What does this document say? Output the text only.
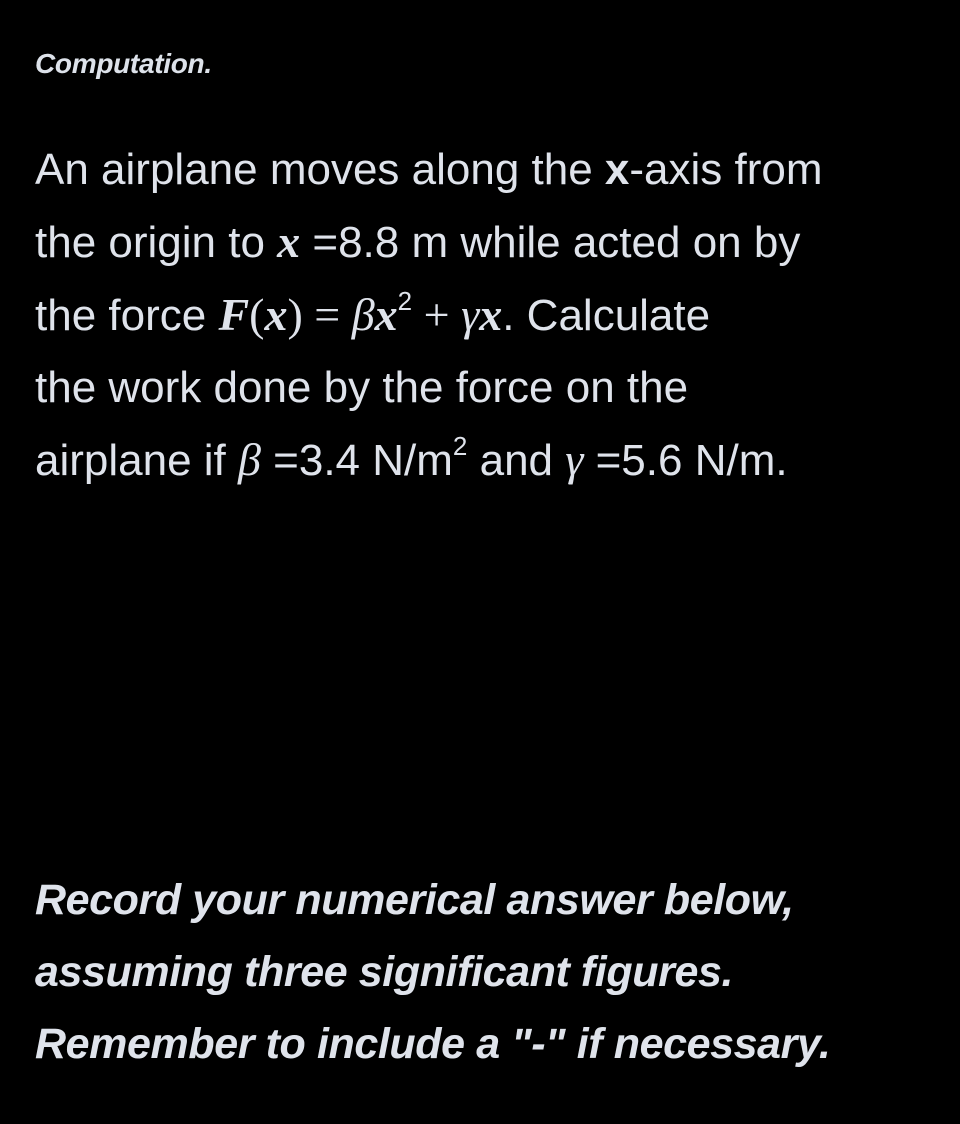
Computation.
An airplane moves along the x-axis from
the origin to x =8.8 m while acted on by
the force $F(x) = \beta x^2 + \gamma x$. Calculate
the work done by the force on the
airplane if β =3.4 $N/m^2$ and γ =5.6 N/m.
Record your numerical answer below,
assuming three significant figures.
Remember to include a "-" if necessary.
